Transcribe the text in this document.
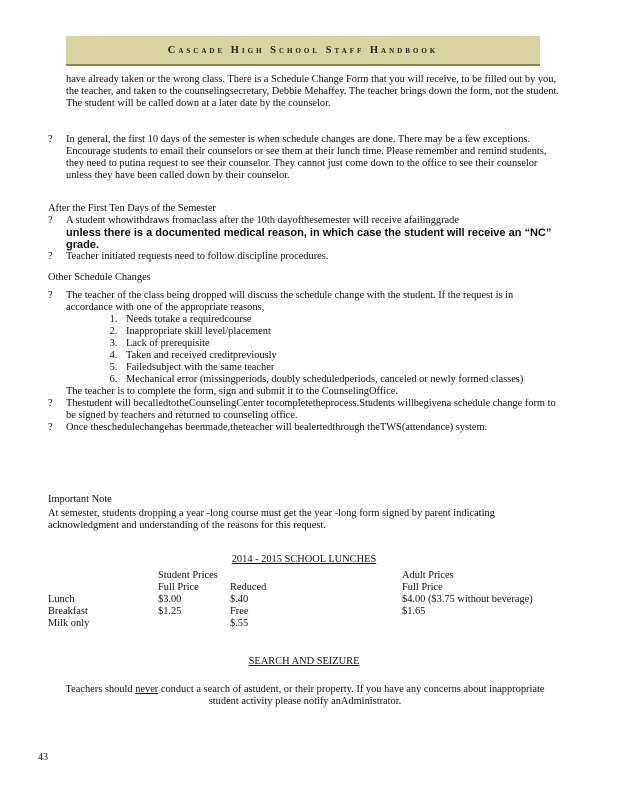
Cascade High School Staff Handbook

have already taken or the wrong class. There is a Schedule Change Form that you will receive, to be filled out by you, the teacher, and taken to the counselingsecretary, Debbie Mehaffey. The teacher brings down the form, not the student. The student will be called down at a later date by the counselor.

?	In general, the first 10 days of the semester is when schedule changes are done. There may be a few exceptions. Encourage students to email their counselors or see them at their lunch time. Please remember and remind students, they need to putina request to see their counselor. They cannot just come down to the office to see their counselor unless they have been called down by their counselor.

After the First Ten Days of the Semester

?	A student whowithdraws fromaclass after the 10th dayofthesemester will receive afailinggrade

unless there is a documented medical reason, in which case the student will receive an “NC” grade.

?	Teacher initiated requests need to follow discipline procedures.

Other Schedule Changes

?	The teacher of the class being dropped will discuss the schedule change with the student. If the request is in accordance with one of the appropriate reasons,

1. Needs totake a requiredcourse
2. Inappropriate skill level/placement
3. Lack of prerequisite
4. Taken and received creditpreviously
5. Failedsubject with the same teacher
6. Mechanical error (missingperiods, doubly scheduledperiods, canceled or newly formed classes)

The teacher is to complete the form, sign and submit it to the CounselingOffice.

?	Thestudent will becalledtotheCounselingCenter tocompletetheprocess.Students willbegivena schedule change form to be signed by teachers and returned to counseling office.

?	Once theschedulechangehas beenmade,theteacher will bealertedthrough theTWS(attendance) system.

Important Note

At semester, students dropping a year -long course must get the year -long form signed by parent indicating acknowledgment and understanding of the reasons for this request.

2014 - 2015 SCHOOL LUNCHES
	Student Prices			Adult Prices
	Full Price	Reduced		Full Price
Lunch	$3.00	$.40		$4.00 ($3.75 without beverage)
Breakfast	$1.25	Free		$1.65
Milk only		$.55		
SEARCH AND SEIZURE

Teachers should never conduct a search of astudent, or their property. If you have any concerns about inappropriate student activity please notify anAdministrator.

43
